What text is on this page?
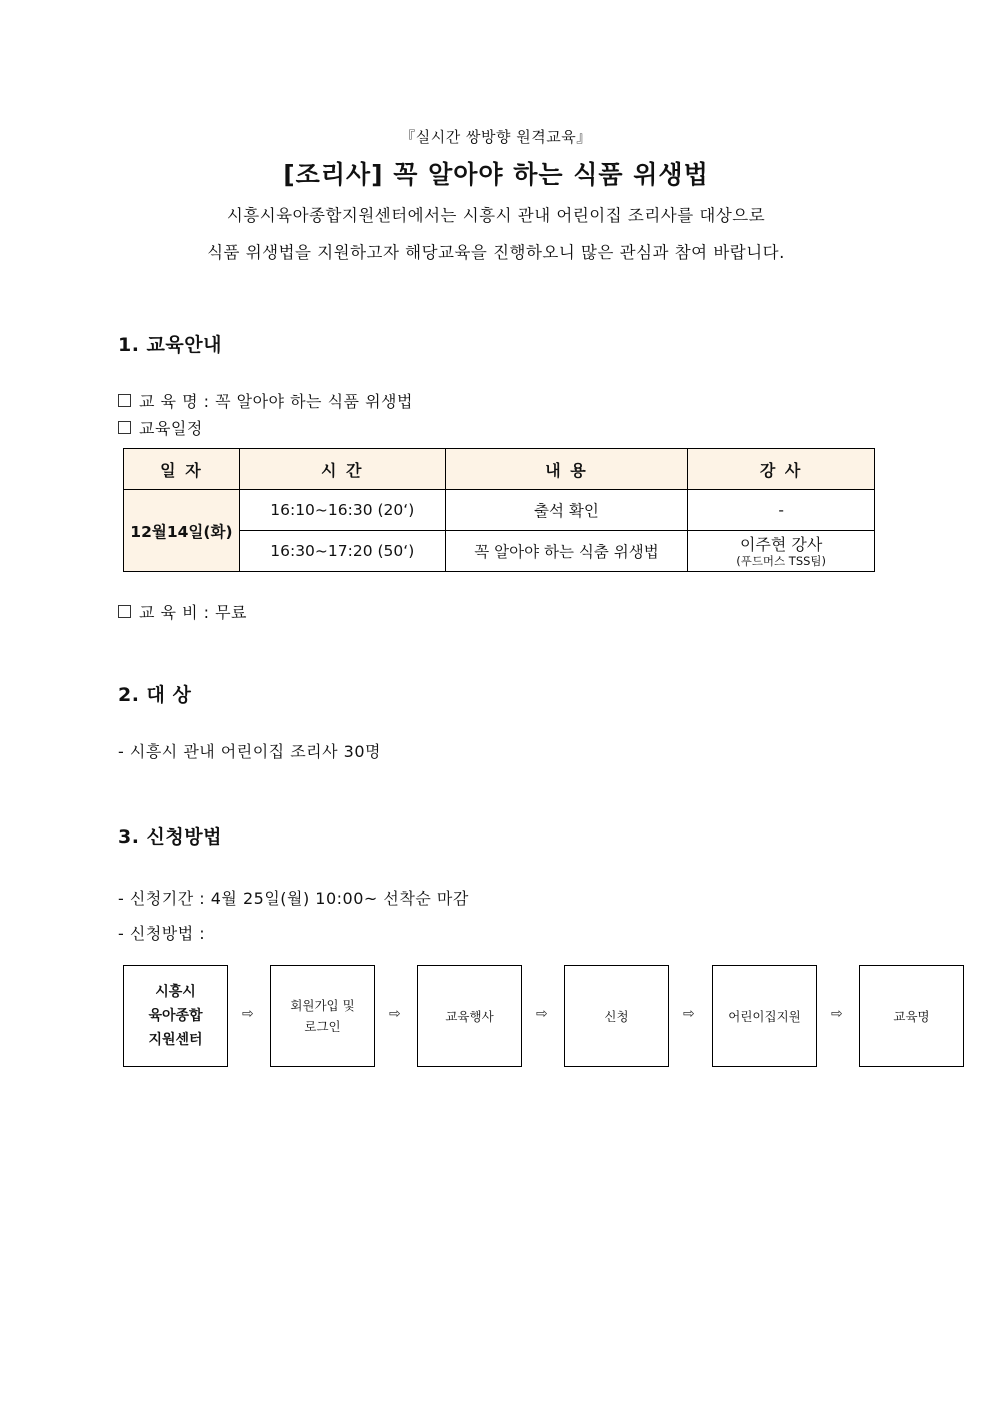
『실시간 쌍방향 원격교육』
[조리사] 꼭 알아야 하는 식품 위생법
시흥시육아종합지원센터에서는 시흥시 관내 어린이집 조리사를 대상으로
식품 위생법을 지원하고자 해당교육을 진행하오니 많은 관심과 참여 바랍니다.
1. 교육안내
교 육 명 : 꼭 알아야 하는 식품 위생법
교육일정
일 자	시 간	내 용	강 사
12월14일(화)	16:10~16:30 (20‘)	출석 확인	-
	16:30~17:20 (50‘)	꼭 알아야 하는 식춤 위생법	이주현 강사
(푸드머스 TSS팀)
교 육 비 : 무료
2. 대 상
- 시흥시 관내 어린이집 조리사 30명
3. 신청방법
- 신청기간 : 4월 25일(월) 10:00~ 선착순 마감
- 신청방법 :
시흥시
육아종합
지원센터
⇨
회원가입 및
로그인
⇨	교육행사	⇨	신청	⇨	어린이집지원 ⇨	교육명
